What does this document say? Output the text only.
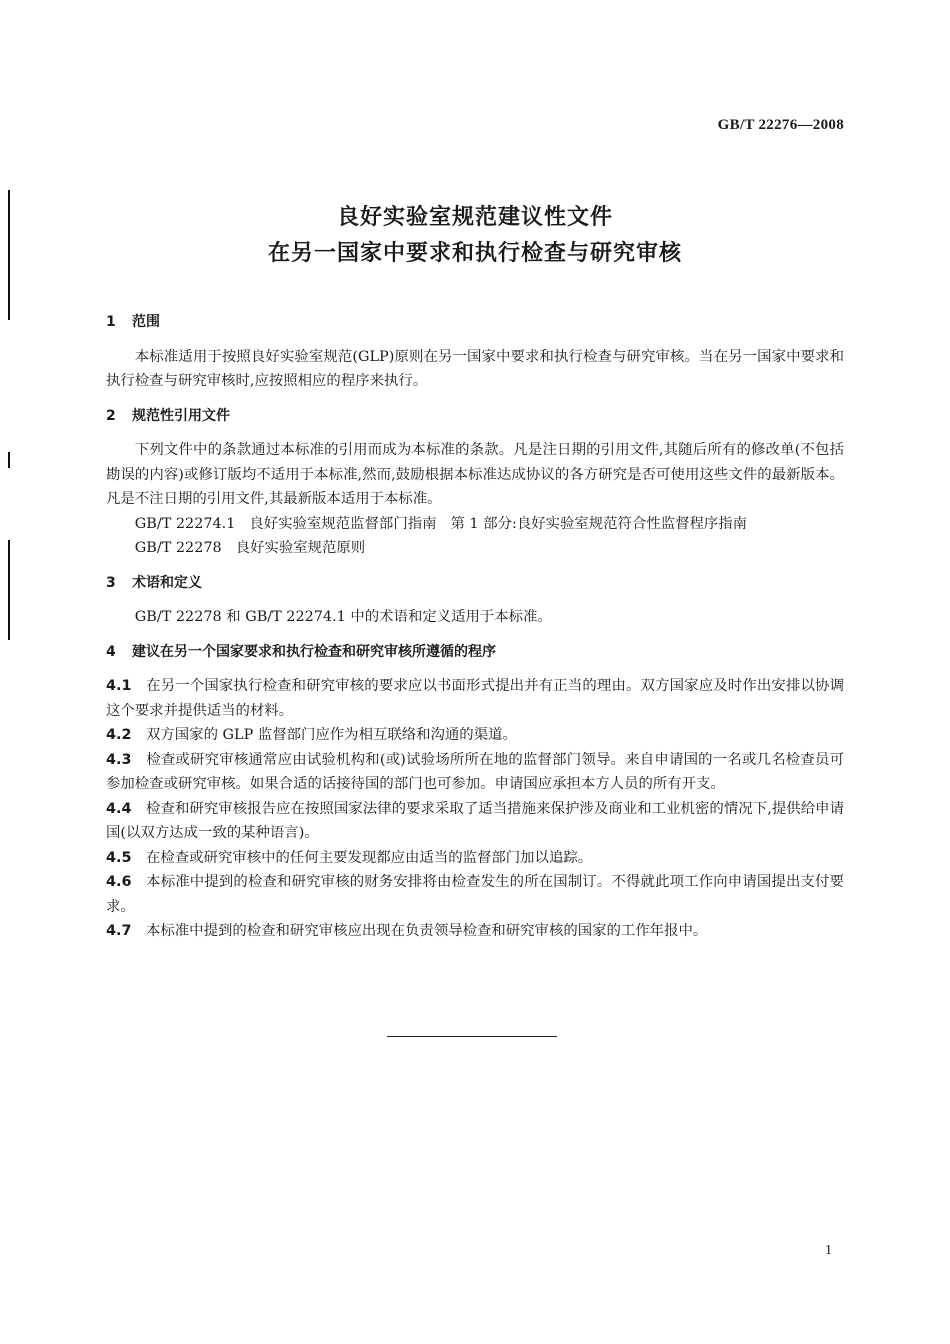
GB/T 22276—2008
良好实验室规范建议性文件
在另一国家中要求和执行检查与研究审核

1 范围

本标准适用于按照良好实验室规范(GLP)原则在另一国家中要求和执行检查与研究审核。当在另一国家中要求和执行检查与研究审核时,应按照相应的程序来执行。

2 规范性引用文件

下列文件中的条款通过本标准的引用而成为本标准的条款。凡是注日期的引用文件,其随后所有的修改单(不包括勘误的内容)或修订版均不适用于本标准,然而,鼓励根据本标准达成协议的各方研究是否可使用这些文件的最新版本。凡是不注日期的引用文件,其最新版本适用于本标准。

GB/T 22274.1 良好实验室规范监督部门指南 第 1 部分:良好实验室规范符合性监督程序指南

GB/T 22278 良好实验室规范原则

3 术语和定义

GB/T 22278 和 GB/T 22274.1 中的术语和定义适用于本标准。

4 建议在另一个国家要求和执行检查和研究审核所遵循的程序

4.1 在另一个国家执行检查和研究审核的要求应以书面形式提出并有正当的理由。双方国家应及时作出安排以协调这个要求并提供适当的材料。

4.2 双方国家的 GLP 监督部门应作为相互联络和沟通的渠道。

4.3 检查或研究审核通常应由试验机构和(或)试验场所所在地的监督部门领导。来自申请国的一名或几名检查员可参加检查或研究审核。如果合适的话接待国的部门也可参加。申请国应承担本方人员的所有开支。

4.4 检查和研究审核报告应在按照国家法律的要求采取了适当措施来保护涉及商业和工业机密的情况下,提供给申请国(以双方达成一致的某种语言)。

4.5 在检查或研究审核中的任何主要发现都应由适当的监督部门加以追踪。

4.6 本标准中提到的检查和研究审核的财务安排将由检查发生的所在国制订。不得就此项工作向申请国提出支付要求。

4.7 本标准中提到的检查和研究审核应出现在负责领导检查和研究审核的国家的工作年报中。

1
